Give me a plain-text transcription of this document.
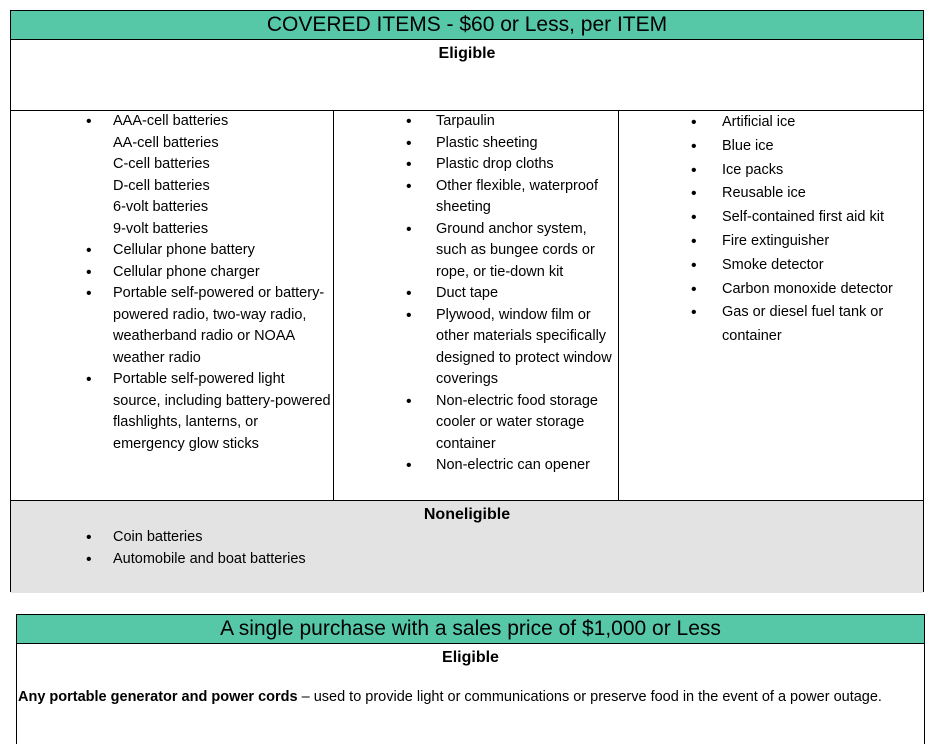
COVERED ITEMS - $60 or Less, per ITEM
Eligible
• AAA-cell batteries
AA-cell batteries
C-cell batteries
D-cell batteries
6-volt batteries
9-volt batteries
• Cellular phone battery
• Cellular phone charger
• Portable self-powered or battery-powered radio, two-way radio, weatherband radio or NOAA weather radio
• Portable self-powered light source, including battery-powered flashlights, lanterns, or emergency glow sticks
• Tarpaulin
• Plastic sheeting
• Plastic drop cloths
• Other flexible, waterproof sheeting
• Ground anchor system, such as bungee cords or rope, or tie-down kit
• Duct tape
• Plywood, window film or other materials specifically designed to protect window coverings
• Non-electric food storage cooler or water storage container
• Non-electric can opener
• Artificial ice
• Blue ice
• Ice packs
• Reusable ice
• Self-contained first aid kit
• Fire extinguisher
• Smoke detector
• Carbon monoxide detector
• Gas or diesel fuel tank or container
Noneligible
• Coin batteries
• Automobile and boat batteries
A single purchase with a sales price of $1,000 or Less
Eligible
Any portable generator and power cords – used to provide light or communications or preserve food in the event of a power outage.
